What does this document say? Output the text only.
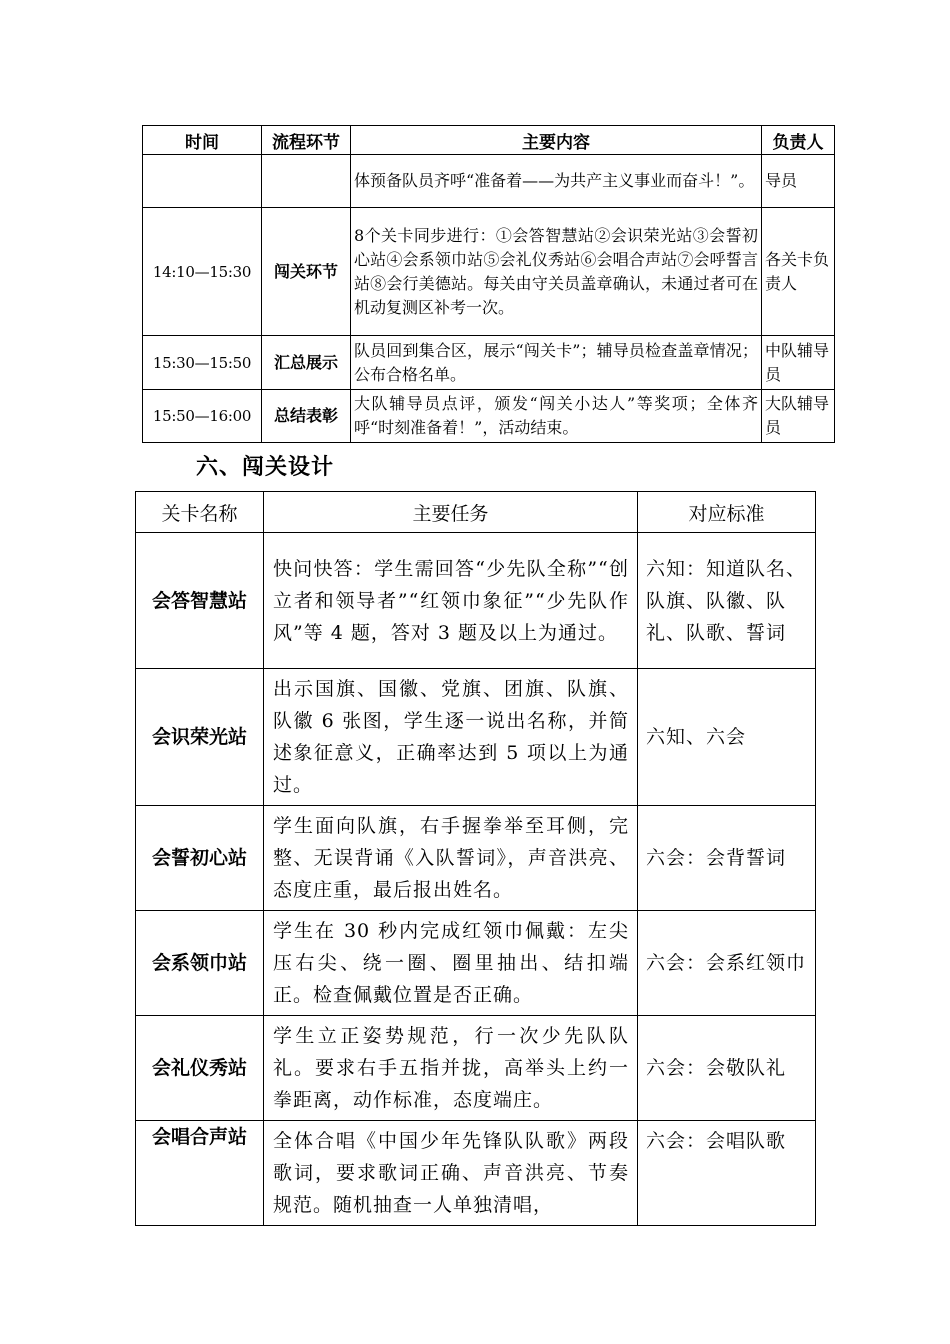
时间	流程环节	主要内容	负责人
		体预备队员齐呼“准备着——为共产主义事业而奋斗！”。	导员
14:10—15:30	闯关环节	8个关卡同步进行：①会答智慧站②会识荣光站③会誓初心站④会系领巾站⑤会礼仪秀站⑥会唱合声站⑦会呼誓言站⑧会行美德站。每关由守关员盖章确认，未通过者可在机动复测区补考一次。	各关卡负责人
15:30—15:50	汇总展示	队员回到集合区，展示“闯关卡”；辅导员检查盖章情况；公布合格名单。	中队辅导员
15:50—16:00	总结表彰	大队辅导员点评，颁发“闯关小达人”等奖项；全体齐呼“时刻准备着！”，活动结束。	大队辅导员
六、闯关设计
关卡名称	主要任务	对应标准
会答智慧站	快问快答：学生需回答“少先队全称”“创立者和领导者”“红领巾象征”“少先队作风”等 4 题，答对 3 题及以上为通过。	六知：知道队名、队旗、队徽、队礼、队歌、誓词
会识荣光站	出示国旗、国徽、党旗、团旗、队旗、队徽 6 张图，学生逐一说出名称，并简述象征意义，正确率达到 5 项以上为通过。	六知、六会
会誓初心站	学生面向队旗，右手握拳举至耳侧，完整、无误背诵《入队誓词》，声音洪亮、态度庄重，最后报出姓名。	六会：会背誓词
会系领巾站	学生在 30 秒内完成红领巾佩戴：左尖压右尖、绕一圈、圈里抽出、结扣端正。检查佩戴位置是否正确。	六会：会系红领巾
会礼仪秀站	学生立正姿势规范，行一次少先队队礼。要求右手五指并拢，高举头上约一拳距离，动作标准，态度端庄。	六会：会敬队礼
会唱合声站	全体合唱《中国少年先锋队队歌》两段歌词，要求歌词正确、声音洪亮、节奏规范。随机抽查一人单独清唱，	六会：会唱队歌
